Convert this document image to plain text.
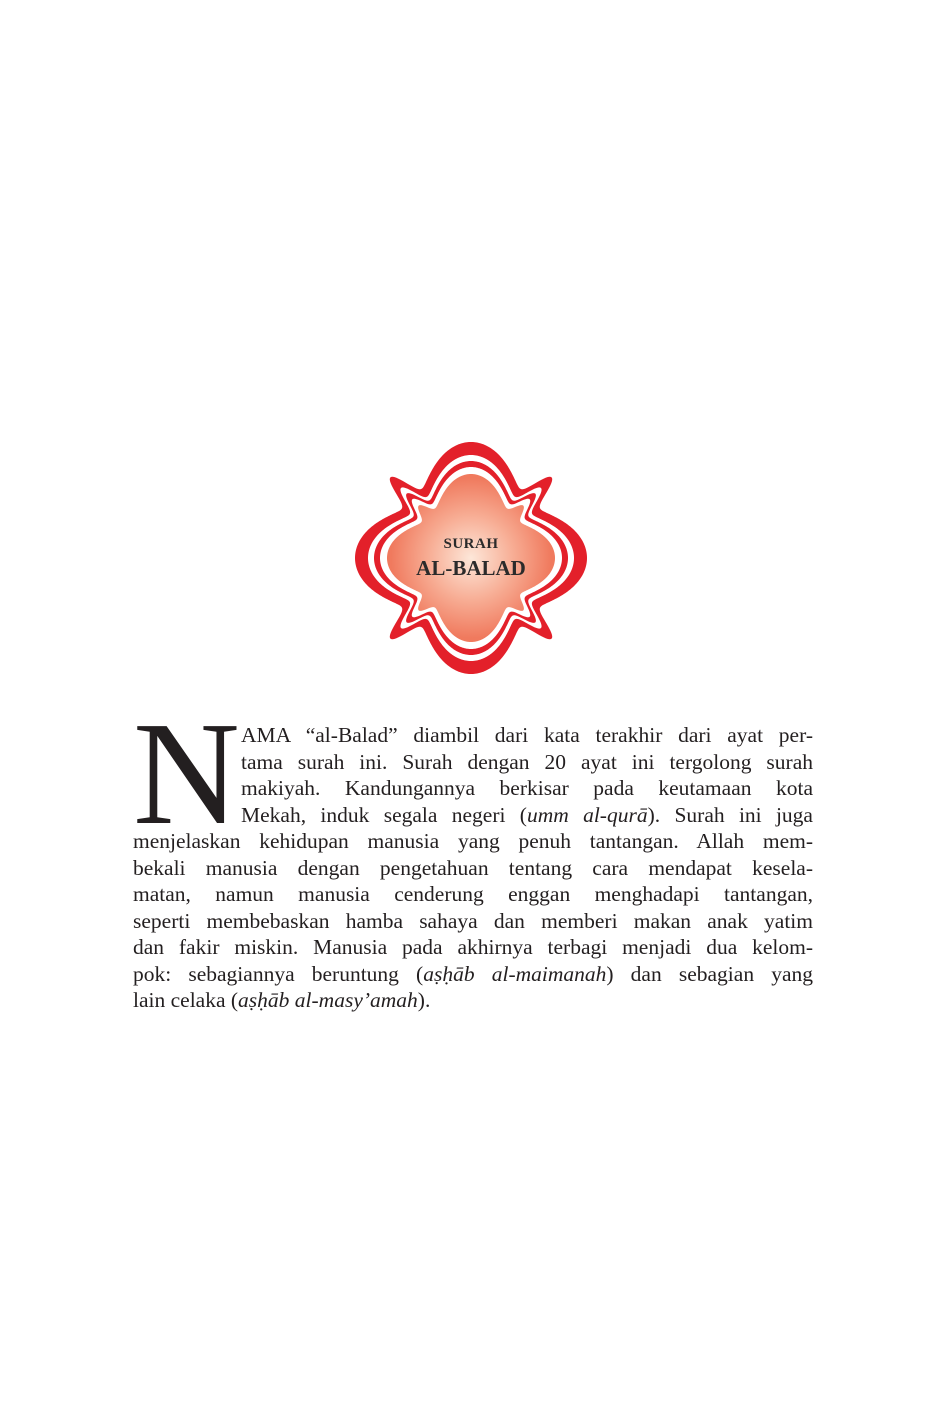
SURAH
AL-BALAD
N AMA “al-Balad” diambil dari kata terakhir dari ayat per-
tama surah ini. Surah dengan 20 ayat ini tergolong surah
makiyah. Kandungannya berkisar pada keutamaan kota
Mekah, induk segala negeri (umm al-qurā). Surah ini juga
menjelaskan kehidupan manusia yang penuh tantangan. Allah mem-
bekali manusia dengan pengetahuan tentang cara mendapat kesela-
matan, namun manusia cenderung enggan menghadapi tantangan,
seperti membebaskan hamba sahaya dan memberi makan anak yatim
dan fakir miskin. Manusia pada akhirnya terbagi menjadi dua kelom-
pok: sebagiannya beruntung (aṣḥāb al-maimanah) dan sebagian yang
lain celaka (aṣḥāb al-masy’amah).
